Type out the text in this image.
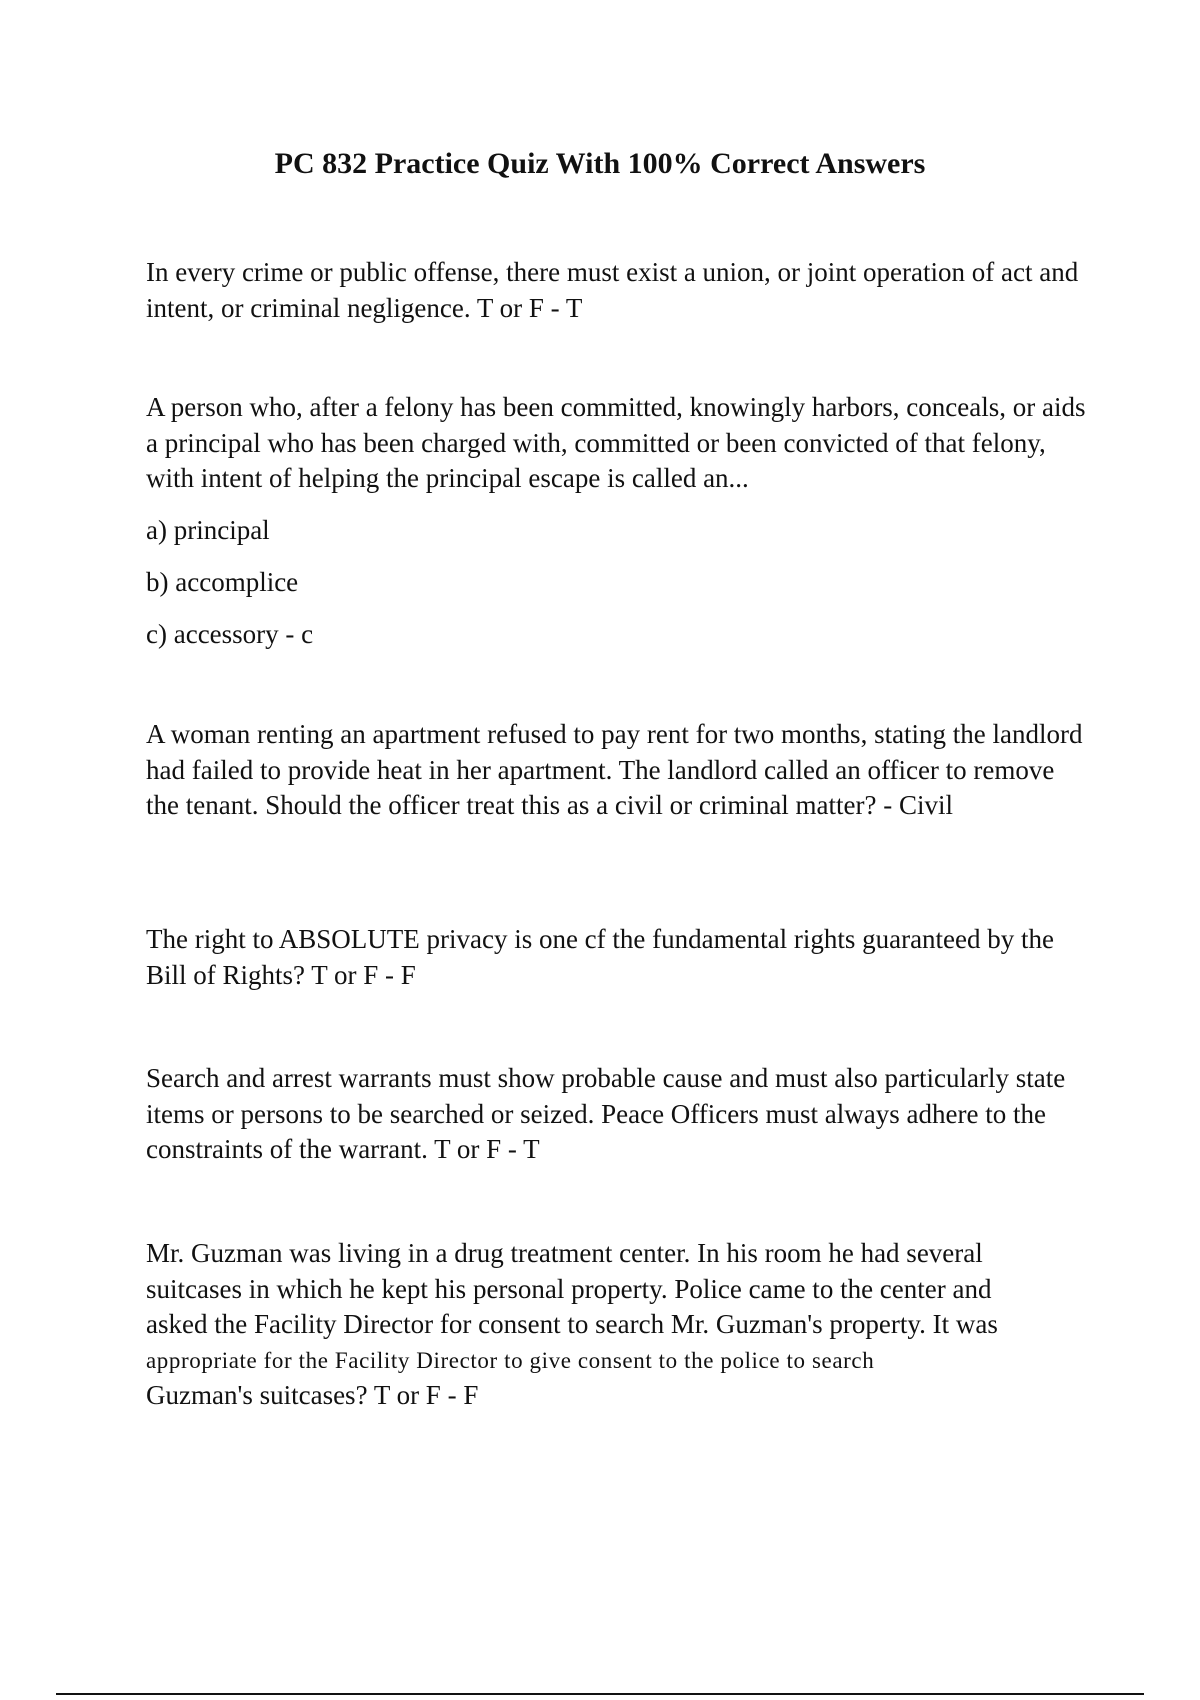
PC 832 Practice Quiz With 100% Correct Answers

In every crime or public offense, there must exist a union, or joint operation of act and intent, or criminal negligence. T or F - T

A person who, after a felony has been committed, knowingly harbors, conceals, or aids a principal who has been charged with, committed or been convicted of that felony, with intent of helping the principal escape is called an...

a) principal
b) accomplice
c) accessory - c

A woman renting an apartment refused to pay rent for two months, stating the landlord had failed to provide heat in her apartment. The landlord called an officer to remove the tenant. Should the officer treat this as a civil or criminal matter? - Civil

The right to ABSOLUTE privacy is one cf the fundamental rights guaranteed by the Bill of Rights? T or F - F

Search and arrest warrants must show probable cause and must also particularly state items or persons to be searched or seized. Peace Officers must always adhere to the constraints of the warrant. T or F - T

Mr. Guzman was living in a drug treatment center. In his room he had several

suitcases in which he kept his personal property. Police came to the center and

asked the Facility Director for consent to search Mr. Guzman's property. It was

appropriate for the Facility Director to give consent to the police to search

Guzman's suitcases? T or F - F
